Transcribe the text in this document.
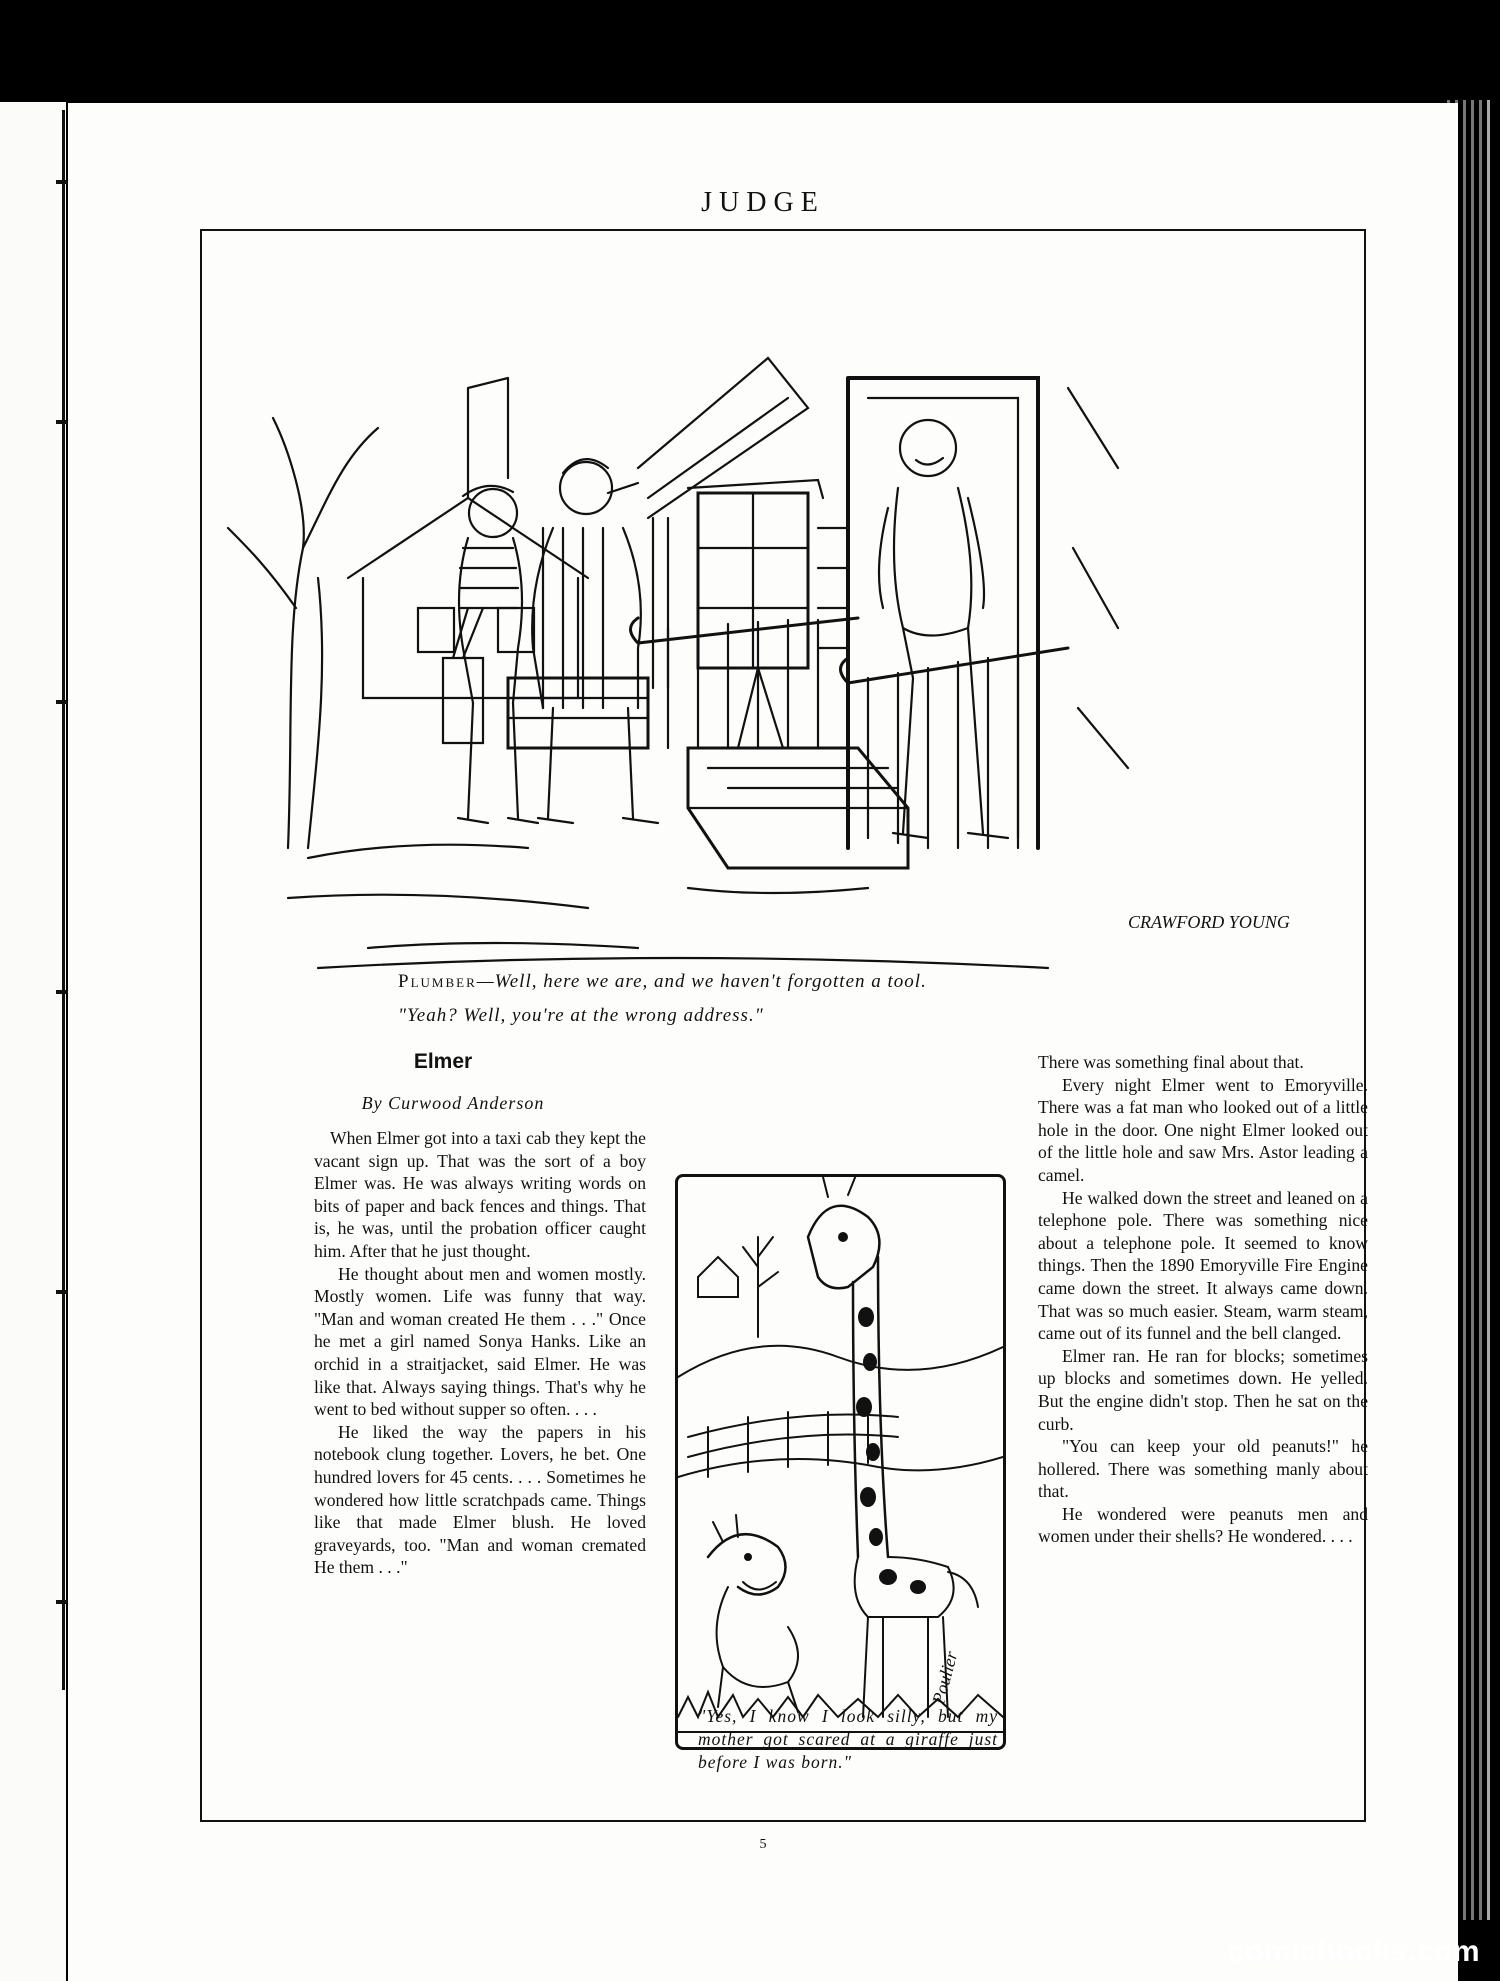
JUDGE
CRAWFORD YOUNG
Plumber—Well, here we are, and we haven't forgotten a tool.
"Yeah? Well, you're at the wrong address."
Elmer
By Curwood Anderson

When Elmer got into a taxi cab they kept the vacant sign up. That was the sort of a boy Elmer was. He was always writing words on bits of paper and back fences and things. That is, he was, until the probation officer caught him. After that he just thought.

He thought about men and women mostly. Mostly women. Life was funny that way. "Man and woman created He them . . ." Once he met a girl named Sonya Hanks. Like an orchid in a straitjacket, said Elmer. He was like that. Always saying things. That's why he went to bed without supper so often. . . .

He liked the way the papers in his notebook clung together. Lovers, he bet. One hundred lovers for 45 cents. . . . Sometimes he wondered how little scratchpads came. Things like that made Elmer blush. He loved graveyards, too. "Man and woman cremated He them . . ."

Poulier
"Yes, I know I look silly, but my mother got scared at a giraffe just before I was born."

There was something final about that.

Every night Elmer went to Emoryville. There was a fat man who looked out of a little hole in the door. One night Elmer looked out of the little hole and saw Mrs. Astor leading a camel.

He walked down the street and leaned on a telephone pole. There was something nice about a telephone pole. It seemed to know things. Then the 1890 Emoryville Fire Engine came down the street. It always came down. That was so much easier. Steam, warm steam, came out of its funnel and the bell clanged.

Elmer ran. He ran for blocks; sometimes up blocks and sometimes down. He yelled. But the engine didn't stop. Then he sat on the curb.

"You can keep your old peanuts!" he hollered. There was something manly about that.

He wondered were peanuts men and women under their shells? He wondered. . . .

5
comicbooks.com
